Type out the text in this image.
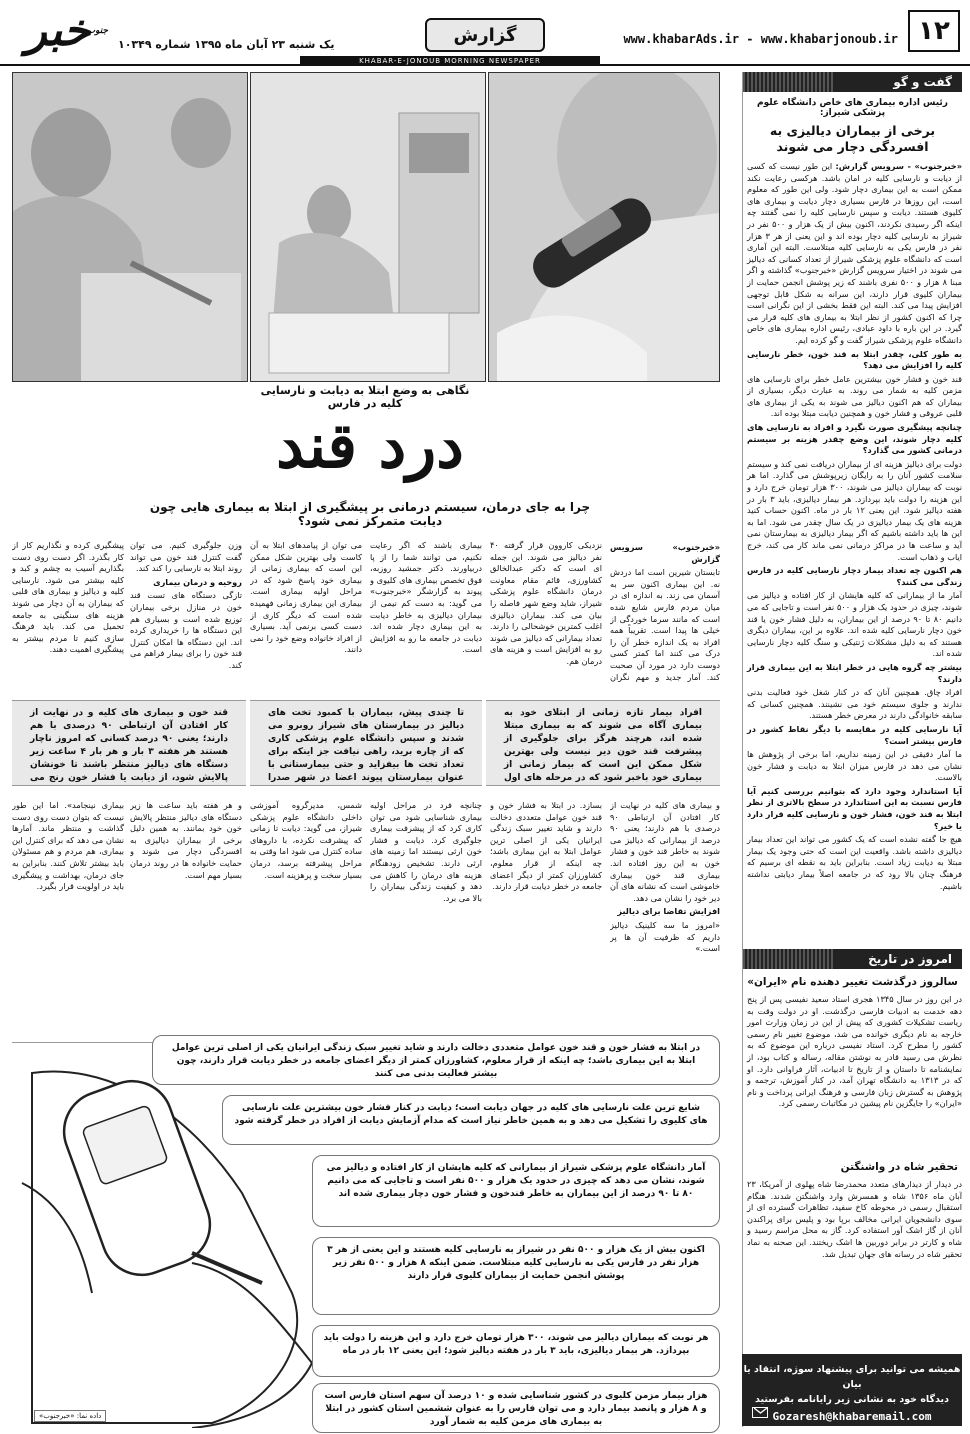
۱۲
www.khabarAds.ir - www.khabarjonoub.ir
گزارش
یک شنبه ۲۳ آبان ماه ۱۳۹۵ شماره ۱۰۳۴۹
خبر
جنوب
KHABAR-E-JONOUB MORNING NEWSPAPER
نگاهی به وضع ابتلا به دیابت و نارسایی کلیه در فارس
درد قند
چرا به جای درمان، سیستم درمانی بر پیشگیری از ابتلا به بیماری هایی چون دیابت متمرکز نمی شود؟
«خبرجنوب» سرویس گزارش
تابستان شیرین است اما دردش نه. این بیماری اکنون سر به آسمان می زند. به اندازه ای در میان مردم فارس شایع شده است که مانند سرما خوردگی از خیلی ها پیدا است. تقریباً همه افراد به یک اندازه خطر آن را درک می کنند اما کمتر کسی دوست دارد در مورد آن صحبت کند. آمار جدید و مهم نگران
نزدیکی کاروون قرار گرفته ۴۰ نفر دیالیز می شوند. این جمله ای است که دکتر عبدالخالق کشاورزی، قائم مقام معاونت درمان دانشگاه علوم پزشکی شیراز، شاید وضع شهر فاصله را بیان می کند. بیماران دیالیزی اغلب کمترین خوشحالی را دارند. تعداد بیمارانی که دیالیز می شوند رو به افزایش است و هزینه های درمان هم.
بیماری باشند که اگر رعایت نکنیم، می توانند شما را از پا دربیاورند. دکتر جمشید روزبه، فوق تخصص بیماری های کلیوی و پیوند به گزارشگر «خبرجنوب» می گوید: به دست کم نیمی از بیماران دیالیزی به خاطر دیابت به این بیماری دچار شده اند. دیابت در جامعه ما رو به افزایش است.
می توان از پیامدهای ابتلا به آن کاست ولی بهترین شکل ممکن این است که بیماری زمانی از بیماری خود پاسخ شود که در مراحل اولیه بیماری است. بیماری این بیماری زمانی فهمیده شده است که دیگر کاری از دست کسی برنمی آید. بسیاری از افراد خانواده وضع خود را نمی دانند.
وزن جلوگیری کنیم. می توان گفت کنترل قند خون می تواند روند ابتلا به نارسایی را کند کند.
روحیه و درمان بیماری
تازگی دستگاه های تست قند خون در منازل برخی بیماران توزیع شده است و بسیاری هم این دستگاه ها را خریداری کرده اند. این دستگاه ها امکان کنترل قند خون را برای بیمار فراهم می کند.
پیشگیری کرده و نگذاریم کار از کار بگذرد. اگر دست روی دست بگذاریم آسیب به چشم و کبد و کلیه بیشتر می شود. نارسایی کلیه و دیالیز و بیماری های قلبی که بیماران به آن دچار می شوند هزینه های سنگینی به جامعه تحمیل می کند. باید فرهنگ سازی کنیم تا مردم بیشتر به پیشگیری اهمیت دهند.
” افراد بیمار تازه زمانی از ابتلای خود به بیماری آگاه می شوند که به بیماری مبتلا شده اند، هرچند هرگز برای جلوگیری از پیشرفت قند خون دیر نیست ولی بهترین شکل ممکن این است که بیمار زمانی از بیماری خود باخبر شود که در مرحله های اول
” تا چندی پیش، بیماران با کمبود تخت های دیالیز در بیمارستان های شیراز روبرو می شدند و سپس دانشگاه علوم پزشکی کاری که از چاره برید، راهی نیافت جز اینکه برای تعداد تخت ها بیفزاید و حتی بیمارستانی با عنوان بیمارستان پیوند اعضا در شهر صدرا
” قند خون و بیماری های کلیه و در نهایت از کار افتادن آن ارتباطی ۹۰ درصدی با هم دارند؛ یعنی ۹۰ درصد کسانی که امروز ناچار هستند هر هفته ۳ بار و هر بار ۴ ساعت زیر دستگاه های دیالیز منتظر باشند تا خونشان پالایش شود، از دیابت یا فشار خون رنج می
و بیماری های کلیه در نهایت از کار افتادن آن ارتباطی ۹۰ درصدی با هم دارند؛ یعنی ۹۰ درصد از بیمارانی که دیالیز می شوند به خاطر قند خون و فشار خون به این روز افتاده اند. بیماری قند خون بیماری خاموشی است که نشانه های آن دیر خود را نشان می دهد.
افزایش تقاضا برای دیالیز
«امروز ما سه کلینیک دیالیز داریم که ظرفیت آن ها پر است.»
بسازد. در ابتلا به فشار خون و قند خون عوامل متعددی دخالت دارند و شاید تغییر سبک زندگی ایرانیان یکی از اصلی ترین عوامل ابتلا به این بیماری باشد؛ چه اینکه از قرار معلوم، کشاورزان کمتر از دیگر اعضای جامعه در خطر دیابت قرار دارند.
چنانچه فرد در مراحل اولیه بیماری شناسایی شود می توان کاری کرد که از پیشرفت بیماری جلوگیری کرد. دیابت و فشار خون ارثی نیستند اما زمینه های ارثی دارند. تشخیص زودهنگام هزینه های درمان را کاهش می دهد و کیفیت زندگی بیماران را بالا می برد.
شمس، مدیرگروه آموزشی داخلی دانشگاه علوم پزشکی شیراز، می گوید: دیابت تا زمانی که پیشرفت نکرده، با داروهای ساده کنترل می شود اما وقتی به مراحل پیشرفته برسد، درمان بسیار سخت و پرهزینه است.
و هر هفته باید ساعت ها زیر دستگاه های دیالیز منتظر پالایش خون خود بمانند. به همین دلیل برخی از بیماران دیالیزی به افسردگی دچار می شوند و حمایت خانواده ها در روند درمان بسیار مهم است.
بیماری نینجامد». اما این طور نیست که بتوان دست روی دست گذاشت و منتظر ماند. آمارها نشان می دهد که برای کنترل این بیماری، هم مردم و هم مسئولان باید بیشتر تلاش کنند. بنابراین به جای درمان، بهداشت و پیشگیری باید در اولویت قرار بگیرد.
در ابتلا به فشار خون و قند خون عوامل متعددی دخالت دارند و شاید تغییر سبک زندگی ایرانیان یکی از اصلی ترین عوامل ابتلا به این بیماری باشد؛ چه اینکه از قرار معلوم، کشاورزان کمتر از دیگر اعضای جامعه در خطر دیابت قرار دارند، چون بیشتر فعالیت بدنی می کنند
شایع ترین علت نارسایی های کلیه در جهان دیابت است؛ دیابت در کنار فشار خون بیشترین علت نارسایی های کلیوی را تشکیل می دهد و به همین خاطر نیاز است که مدام آزمایش دیابت از افراد در خطر گرفته شود
آمار دانشگاه علوم پزشکی شیراز از بیمارانی که کلیه هایشان از کار افتاده و دیالیز می شوند، نشان می دهد که چیزی در حدود یک هزار و ۵۰۰ نفر است و تاجایی که می دانیم ۸۰ تا ۹۰ درصد از این بیماران به خاطر قندخون و فشار خون دچار بیماری شده اند
اکنون بیش از یک هزار و ۵۰۰ نفر در شیراز به نارسایی کلیه هستند و این یعنی از هر ۳ هزار نفر در فارس یکی به نارسایی کلیه مبتلاست. ضمن اینکه ۸ هزار و ۵۰۰ نفر زیر پوشش انجمن حمایت از بیماران کلیوی قرار دارند
هر نوبت که بیماران دیالیز می شوند، ۳۰۰ هزار تومان خرج دارد و این هزینه را دولت باید بپردازد. هر بیمار دیالیزی، باید ۳ بار در هفته دیالیز شود؛ این یعنی ۱۲ بار در ماه
هزار بیمار مزمن کلیوی در کشور شناسایی شده و ۱۰ درصد آن سهم استان فارس است و ۸ هزار و پانصد بیمار دارد و می توان فارس را به عنوان ششمین استان کشور در ابتلا به بیماری های مزمن کلیه به شمار آورد
داده نما: «خبرجنوب»
گفت و گو
رئیس اداره بیماری های خاص دانشگاه علوم پزشکی شیراز:
برخی از بیماران دیالیزی به افسردگی دچار می شوند
«خبرجنوب» - سرویس گزارش: این طور نیست که کسی از دیابت و نارسایی کلیه در امان باشد. هرکسی رعایت نکند ممکن است به این بیماری دچار شود. ولی این طور که معلوم است، این روزها در فارس بسیاری دچار دیابت و بیماری های کلیوی هستند. دیابت و سپس نارسایی کلیه را نمی گفتند چه اینکه اگر رسیدی نکردند، اکنون بیش از یک هزار و ۵۰۰ نفر در شیراز به نارسایی کلیه دچار بوده اند و این یعنی از هر ۳ هزار نفر در فارس یکی به نارسایی کلیه مبتلاست. البته این آماری است که دانشگاه علوم پزشکی شیراز از تعداد کسانی که دیالیز می شوند در اختیار سرویس گزارش «خبرجنوب» گذاشته و اگر مبنا ۸ هزار و ۵۰۰ نفری باشند که زیر پوشش انجمن حمایت از بیماران کلیوی قرار دارند، این سرانه به شکل قابل توجهی افزایش پیدا می کند. البته این فقط بخشی از این نگرانی است چرا که اکنون کشور از نظر ابتلا به بیماری های کلیه قرار می گیرد. در این باره با داود عبادی، رئیس اداره بیماری های خاص دانشگاه علوم پزشکی شیراز گفت و گو کرده ایم.
به طور کلی، چقدر ابتلا به قند خون، خطر نارسایی کلیه را افزایش می دهد؟
قند خون و فشار خون بیشترین عامل خطر برای نارسایی های مزمن کلیه به شمار می روند. به عبارت دیگر، بسیاری از بیماران که هم اکنون دیالیز می شوند به یکی از بیماری های قلبی عروقی و فشار خون و همچنین دیابت مبتلا بوده اند.
چنانچه پیشگیری صورت نگیرد و افراد به نارسایی های کلیه دچار شوند، این وضع چقدر هزینه بر سیستم درمانی کشور می گذارد؟
دولت برای دیالیز هزینه ای از بیماران دریافت نمی کند و سیستم سلامت کشور آنان را به رایگان زیرپوشش می گذارد. اما هر نوبت که بیماران دیالیز می شوند، ۳۰۰ هزار تومان خرج دارد و این هزینه را دولت باید بپردازد. هر بیمار دیالیزی، باید ۳ بار در هفته دیالیز شود. این یعنی ۱۲ بار در ماه. اکنون حساب کنید هزینه های یک بیمار دیالیزی در یک سال چقدر می شود. اما به این ها باید داشته باشیم که اگر بیمار دیالیزی به بیمارستان نمی آید و ساعت ها در مراکز درمانی نمی ماند کار می کند، خرج ایاب و ذهاب است.
هم اکنون چه تعداد بیمار دچار نارسایی کلیه در فارس زندگی می کنند؟
آمار ما از بیمارانی که کلیه هایشان از کار افتاده و دیالیز می شوند، چیزی در حدود یک هزار و ۵۰۰ نفر است و تاجایی که می دانیم ۸۰ تا ۹۰ درصد از این بیماران، به دلیل فشار خون یا قند خون دچار نارسایی کلیه شده اند. علاوه بر این، بیماران دیگری هستند که به دلیل مشکلات ژنتیکی و سنگ کلیه دچار نارسایی شده اند.
بیشتر چه گروه هایی در خطر ابتلا به این بیماری قرار دارند؟
افراد چاق. همچنین آنان که در کنار شغل خود فعالیت بدنی ندارند و جلوی سیستم خود می نشینند. همچنین کسانی که سابقه خانوادگی دارند در معرض خطر هستند.
آیا نارسایی کلیه در مقایسه با دیگر نقاط کشور در فارس بیشتر است؟
ما آمار دقیقی در این زمینه نداریم، اما برخی از پژوهش ها نشان می دهد در فارس میزان ابتلا به دیابت و فشار خون بالاست.
آیا استاندارد وجود دارد که بتوانیم بررسی کنیم آیا فارس نسبت به این استاندارد در سطح بالاتری از نظر ابتلا به قند خون، فشار خون و نارسایی کلیه قرار دارد یا خیر؟
هیچ جا گفته نشده است که یک کشور می تواند این تعداد بیمار دیالیزی داشته باشد. واقعیت این است که حتی وجود یک بیمار مبتلا به دیابت زیاد است. بنابراین باید به نقطه ای برسیم که فرهنگ چنان بالا رود که در جامعه اصلاً بیمار دیابتی نداشته باشیم.
امروز در تاریخ
سالروز درگذشت تغییر دهنده نام «ایران»
در این روز در سال ۱۳۴۵ هجری استاد سعید نفیسی پس از پنج دهه خدمت به ادبیات فارسی درگذشت. او در دولت وقت به ریاست تشکیلات کشوری که پیش از این در زمان وزارت امور خارجه به نام دیگری خوانده می شد، موضوع تغییر نام رسمی کشور را مطرح کرد. استاد نفیسی درباره این موضوع که به نظرش می رسید قادر به نوشتن مقاله، رساله و کتاب بود، از نمایشنامه تا داستان و از تاریخ تا ادبیات، آثار فراوانی دارد. او که در ۱۳۱۳ به دانشگاه تهران آمد، در کنار آموزش، ترجمه و پژوهش به گسترش زبان فارسی و فرهنگ ایرانی پرداخت و نام «ایران» را جایگزین نام پیشین در مکاتبات رسمی کرد.
تحقیر شاه در واشنگتن
در دیدار از دیدارهای متعدد محمدرضا شاه پهلوی از آمریکا، ۲۳ آبان ماه ۱۳۵۶ شاه و همسرش وارد واشنگتن شدند. هنگام استقبال رسمی در محوطه کاخ سفید، تظاهرات گسترده ای از سوی دانشجویان ایرانی مخالف برپا بود و پلیس برای پراکندن آنان از گاز اشک آور استفاده کرد. گاز به محل مراسم رسید و شاه و کارتر در برابر دوربین ها اشک ریختند. این صحنه به نماد تحقیر شاه در رسانه های جهان تبدیل شد.
همیشه می توانید برای پیشنهاد سوژه، انتقاد یا بیان
دیدگاه خود به نشانی زیر رایانامه بفرستید
Gozaresh@khabaremail.com
